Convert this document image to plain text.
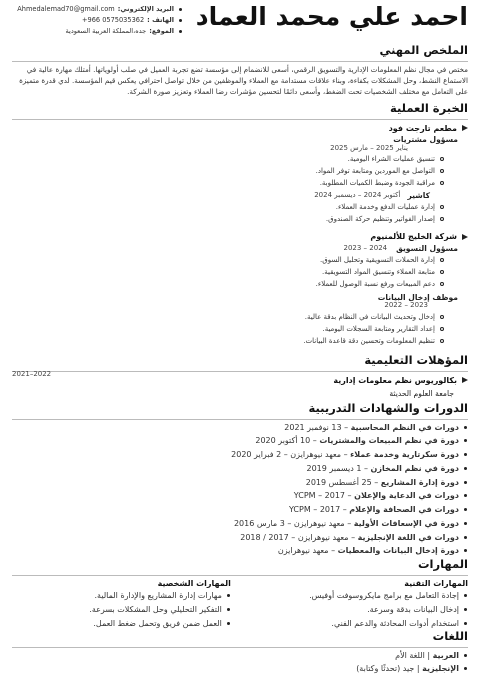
احمد علي محمد العماد
البريد الإلكتروني:
Ahmedalemad70@gmail.com
الهاتف :
+966 0575035362
الموقع:
جده،المملكة العربية السعودية
الملخص المهني
مختص في مجال نظم المعلومات الإدارية والتسويق الرقمي، أسعى للانضمام إلى مؤسسة تضع تجربة العميل في صلب أولوياتها. أمتلك مهارة عالية في الاستماع النشط، وحل المشكلات بكفاءة، وبناء علاقات مستدامة مع العملاء والموظفين من خلال تواصل احترافي يعكس قيم المؤسسة. لدي قدرة متميزة على التعامل مع مختلف الشخصيات تحت الضغط، وأسعى دائمًا لتحسين مؤشرات رضا العملاء وتعزيز صورة الشركة.
الخبرة العملية
مطعم تارجت فود
مسؤول مشتريات
يناير 2025 – مارس 2025
تنسيق عمليات الشراء اليومية.
التواصل مع الموردين ومتابعة توفر المواد.
مراقبة الجودة وضبط الكميات المطلوبة.
كاشير
أكتوبر 2024 – ديسمبر 2024
إدارة عمليات الدفع وخدمة العملاء.
إصدار الفواتير وتنظيم حركة الصندوق.
شركة الخليج للألمنيوم
مسؤول التسويق
2024 – 2023
إدارة الحملات التسويقية وتحليل السوق.
متابعة العملاء وتنسيق المواد التسويقية.
دعم المبيعات ورفع نسبة الوصول للعملاء.
موظف إدخال البيانات
2023 – 2022
إدخال وتحديث البيانات في النظام بدقة عالية.
إعداد التقارير ومتابعة السجلات اليومية.
تنظيم المعلومات وتحسين دقة قاعدة البيانات.
المؤهلات التعليمية
بكالوريوس نظم معلومات إدارية
2021–2022
جامعة العلوم الحديثة
الدورات والشهادات التدريبية
دورات في النظم المحاسبية – 13 نوفمبر 2021
دورة في نظم المبيعات والمشتريات – 10 أكتوبر 2020
دورة سكرتارية وخدمة عملاء – معهد نيوهرايزن – 2 فبراير 2020
دورة في نظم المخازن – 1 ديسمبر 2019
دورة إدارة المشاريع – 25 أغسطس 2019
دورات في الدعاية والإعلان – YCPM – 2017
دورات في الصحافة والإعلام – YCPM – 2017
دورة في الإسعافات الأولية – معهد نيوهرايزن – 3 مارس 2016
دورات في اللغة الإنجليزية – معهد نيوهرايزن – 2017 / 2018
دورة إدخال البيانات والمعطيات – معهد نيوهرايزن
المهارات
المهارات التقنية
إجادة التعامل مع برامج مايكروسوفت أوفيس.
إدخال البيانات بدقة وسرعة.
استخدام أدوات المحادثة والدعم الفني.
المهارات الشخصية
مهارات إدارة المشاريع والإدارة المالية.
التفكير التحليلي وحل المشكلات بسرعة.
العمل ضمن فريق وتحمل ضغط العمل.
اللغات
العربية | اللغة الأم
الإنجليزية | جيد (تحدثًا وكتابة)
